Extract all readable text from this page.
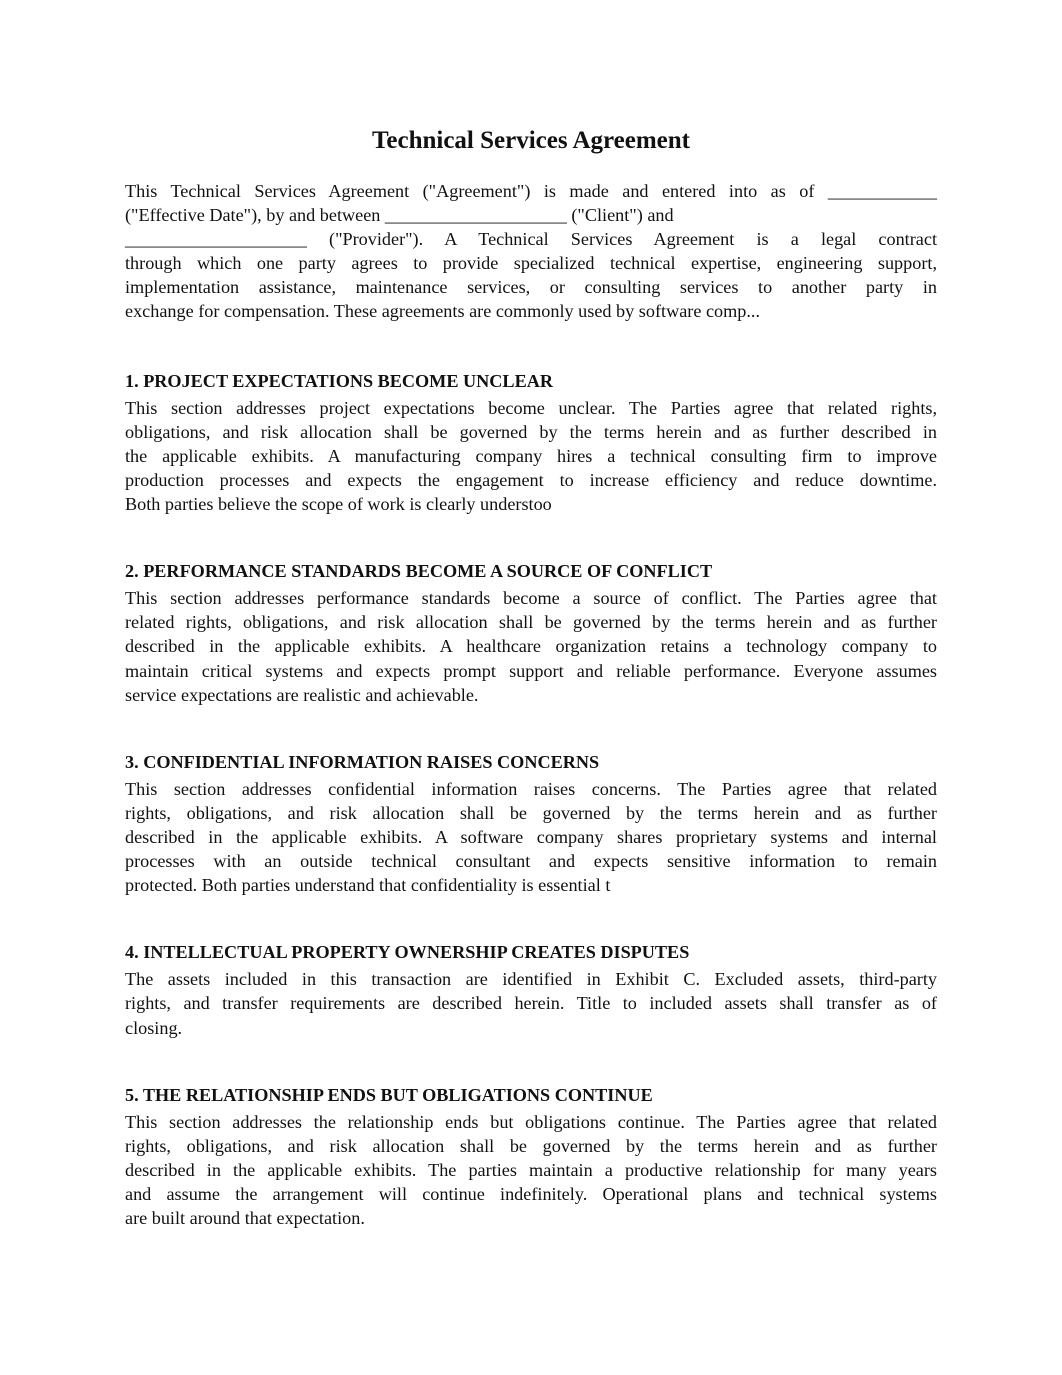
Technical Services Agreement
This Technical Services Agreement ("Agreement") is made and entered into as of ____________
("Effective Date"), by and between ____________________ ("Client") and
____________________ ("Provider"). A Technical Services Agreement is a legal contract
through which one party agrees to provide specialized technical expertise, engineering support,
implementation assistance, maintenance services, or consulting services to another party in
exchange for compensation. These agreements are commonly used by software comp...
1. PROJECT EXPECTATIONS BECOME UNCLEAR
This section addresses project expectations become unclear. The Parties agree that related rights,
obligations, and risk allocation shall be governed by the terms herein and as further described in
the applicable exhibits. A manufacturing company hires a technical consulting firm to improve
production processes and expects the engagement to increase efficiency and reduce downtime.
Both parties believe the scope of work is clearly understoo
2. PERFORMANCE STANDARDS BECOME A SOURCE OF CONFLICT
This section addresses performance standards become a source of conflict. The Parties agree that
related rights, obligations, and risk allocation shall be governed by the terms herein and as further
described in the applicable exhibits. A healthcare organization retains a technology company to
maintain critical systems and expects prompt support and reliable performance. Everyone assumes
service expectations are realistic and achievable.
3. CONFIDENTIAL INFORMATION RAISES CONCERNS
This section addresses confidential information raises concerns. The Parties agree that related
rights, obligations, and risk allocation shall be governed by the terms herein and as further
described in the applicable exhibits. A software company shares proprietary systems and internal
processes with an outside technical consultant and expects sensitive information to remain
protected. Both parties understand that confidentiality is essential t
4. INTELLECTUAL PROPERTY OWNERSHIP CREATES DISPUTES
The assets included in this transaction are identified in Exhibit C. Excluded assets, third-party
rights, and transfer requirements are described herein. Title to included assets shall transfer as of
closing.
5. THE RELATIONSHIP ENDS BUT OBLIGATIONS CONTINUE
This section addresses the relationship ends but obligations continue. The Parties agree that related
rights, obligations, and risk allocation shall be governed by the terms herein and as further
described in the applicable exhibits. The parties maintain a productive relationship for many years
and assume the arrangement will continue indefinitely. Operational plans and technical systems
are built around that expectation.
